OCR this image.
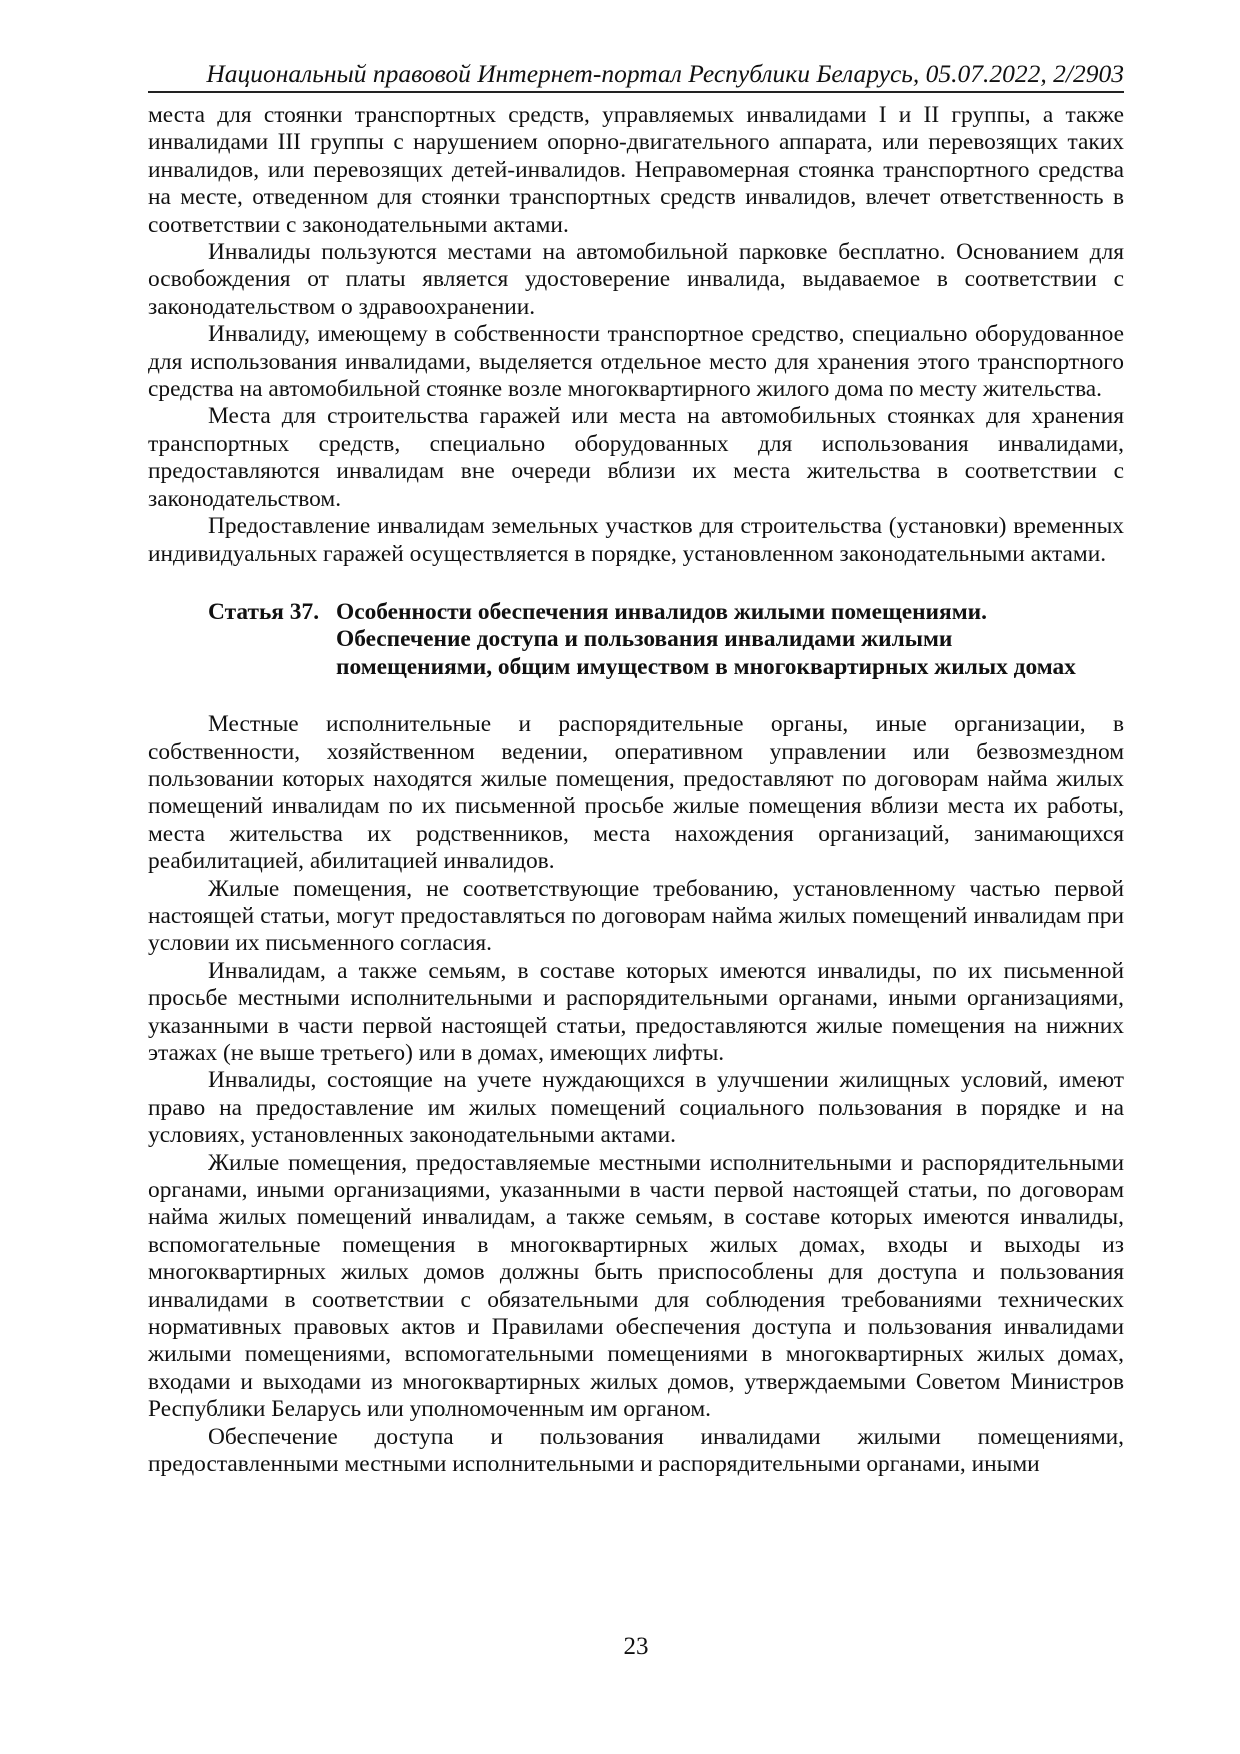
Национальный правовой Интернет-портал Республики Беларусь, 05.07.2022, 2/2903

места для стоянки транспортных средств, управляемых инвалидами I и II группы, а также инвалидами III группы с нарушением опорно-двигательного аппарата, или перевозящих таких инвалидов, или перевозящих детей-инвалидов. Неправомерная стоянка транспортного средства на месте, отведенном для стоянки транспортных средств инвалидов, влечет ответственность в соответствии с законодательными актами.

Инвалиды пользуются местами на автомобильной парковке бесплатно. Основанием для освобождения от платы является удостоверение инвалида, выдаваемое в соответствии с законодательством о здравоохранении.

Инвалиду, имеющему в собственности транспортное средство, специально оборудованное для использования инвалидами, выделяется отдельное место для хранения этого транспортного средства на автомобильной стоянке возле многоквартирного жилого дома по месту жительства.

Места для строительства гаражей или места на автомобильных стоянках для хранения транспортных средств, специально оборудованных для использования инвалидами, предоставляются инвалидам вне очереди вблизи их места жительства в соответствии с законодательством.

Предоставление инвалидам земельных участков для строительства (установки) временных индивидуальных гаражей осуществляется в порядке, установленном законодательными актами.

Статья 37. Особенности обеспечения инвалидов жилыми помещениями. Обеспечение доступа и пользования инвалидами жилыми помещениями, общим имуществом в многоквартирных жилых домах

Местные исполнительные и распорядительные органы, иные организации, в собственности, хозяйственном ведении, оперативном управлении или безвозмездном пользовании которых находятся жилые помещения, предоставляют по договорам найма жилых помещений инвалидам по их письменной просьбе жилые помещения вблизи места их работы, места жительства их родственников, места нахождения организаций, занимающихся реабилитацией, абилитацией инвалидов.

Жилые помещения, не соответствующие требованию, установленному частью первой настоящей статьи, могут предоставляться по договорам найма жилых помещений инвалидам при условии их письменного согласия.

Инвалидам, а также семьям, в составе которых имеются инвалиды, по их письменной просьбе местными исполнительными и распорядительными органами, иными организациями, указанными в части первой настоящей статьи, предоставляются жилые помещения на нижних этажах (не выше третьего) или в домах, имеющих лифты.

Инвалиды, состоящие на учете нуждающихся в улучшении жилищных условий, имеют право на предоставление им жилых помещений социального пользования в порядке и на условиях, установленных законодательными актами.

Жилые помещения, предоставляемые местными исполнительными и распорядительными органами, иными организациями, указанными в части первой настоящей статьи, по договорам найма жилых помещений инвалидам, а также семьям, в составе которых имеются инвалиды, вспомогательные помещения в многоквартирных жилых домах, входы и выходы из многоквартирных жилых домов должны быть приспособлены для доступа и пользования инвалидами в соответствии с обязательными для соблюдения требованиями технических нормативных правовых актов и Правилами обеспечения доступа и пользования инвалидами жилыми помещениями, вспомогательными помещениями в многоквартирных жилых домах, входами и выходами из многоквартирных жилых домов, утверждаемыми Советом Министров Республики Беларусь или уполномоченным им органом.

Обеспечение доступа и пользования инвалидами жилыми помещениями, предоставленными местными исполнительными и распорядительными органами, иными

23
